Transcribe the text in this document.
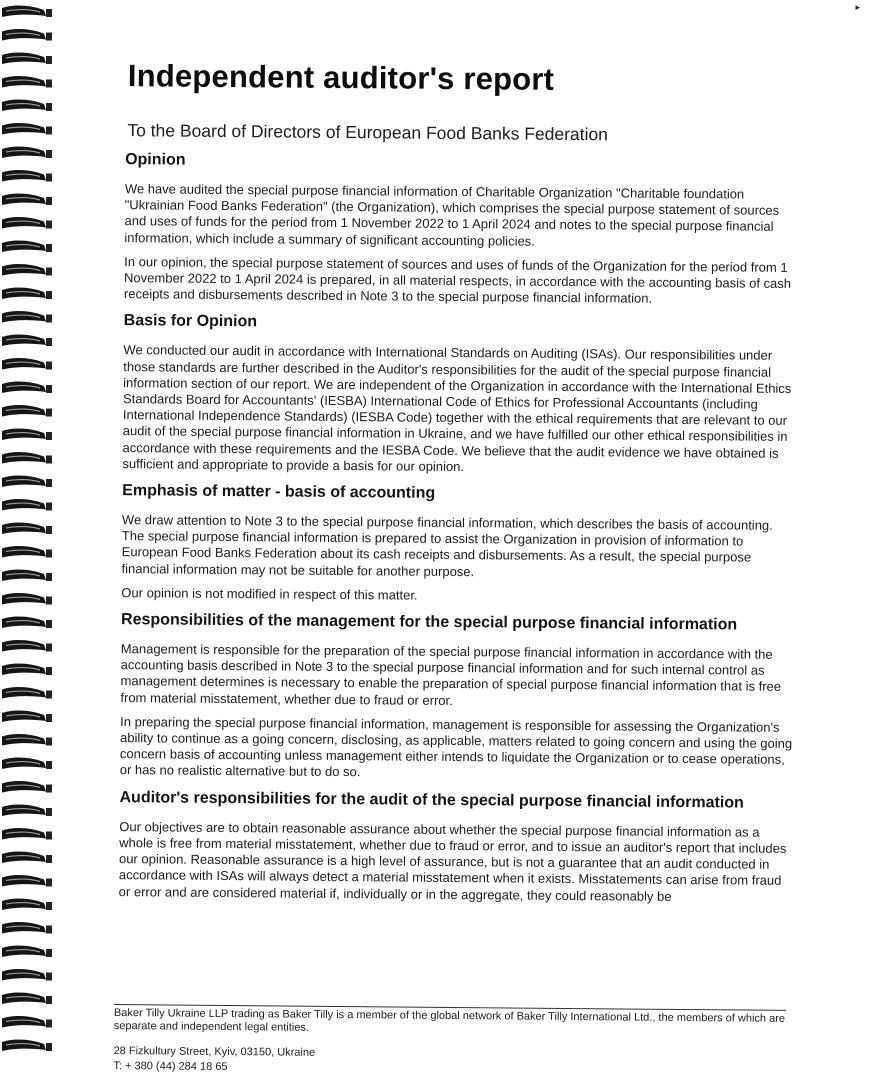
▸
Independent auditor's report
To the Board of Directors of European Food Banks Federation
Opinion

We have audited the special purpose financial information of Charitable Organization "Charitable foundation "Ukrainian Food Banks Federation" (the Organization), which comprises the special purpose statement of sources and uses of funds for the period from 1 November 2022 to 1 April 2024 and notes to the special purpose financial information, which include a summary of significant accounting policies.

In our opinion, the special purpose statement of sources and uses of funds of the Organization for the period from 1 November 2022 to 1 April 2024 is prepared, in all material respects, in accordance with the accounting basis of cash receipts and disbursements described in Note 3 to the special purpose financial information.

Basis for Opinion

We conducted our audit in accordance with International Standards on Auditing (ISAs). Our responsibilities under those standards are further described in the Auditor's responsibilities for the audit of the special purpose financial information section of our report. We are independent of the Organization in accordance with the International Ethics Standards Board for Accountants' (IESBA) International Code of Ethics for Professional Accountants (including International Independence Standards) (IESBA Code) together with the ethical requirements that are relevant to our audit of the special purpose financial information in Ukraine, and we have fulfilled our other ethical responsibilities in accordance with these requirements and the IESBA Code. We believe that the audit evidence we have obtained is sufficient and appropriate to provide a basis for our opinion.

Emphasis of matter - basis of accounting

We draw attention to Note 3 to the special purpose financial information, which describes the basis of accounting. The special purpose financial information is prepared to assist the Organization in provision of information to European Food Banks Federation about its cash receipts and disbursements. As a result, the special purpose financial information may not be suitable for another purpose.

Our opinion is not modified in respect of this matter.

Responsibilities of the management for the special purpose financial information

Management is responsible for the preparation of the special purpose financial information in accordance with the accounting basis described in Note 3 to the special purpose financial information and for such internal control as management determines is necessary to enable the preparation of special purpose financial information that is free from material misstatement, whether due to fraud or error.

In preparing the special purpose financial information, management is responsible for assessing the Organization's ability to continue as a going concern, disclosing, as applicable, matters related to going concern and using the going concern basis of accounting unless management either intends to liquidate the Organization or to cease operations, or has no realistic alternative but to do so.

Auditor's responsibilities for the audit of the special purpose financial information

Our objectives are to obtain reasonable assurance about whether the special purpose financial information as a whole is free from material misstatement, whether due to fraud or error, and to issue an auditor's report that includes our opinion. Reasonable assurance is a high level of assurance, but is not a guarantee that an audit conducted in accordance with ISAs will always detect a material misstatement when it exists. Misstatements can arise from fraud or error and are considered material if, individually or in the aggregate, they could reasonably be

Baker Tilly Ukraine LLP trading as Baker Tilly is a member of the global network of Baker Tilly International Ltd., the members of which are separate and independent legal entities.

28 Fizkultury Street, Kyiv, 03150, Ukraine

T: + 380 (44) 284 18 65
